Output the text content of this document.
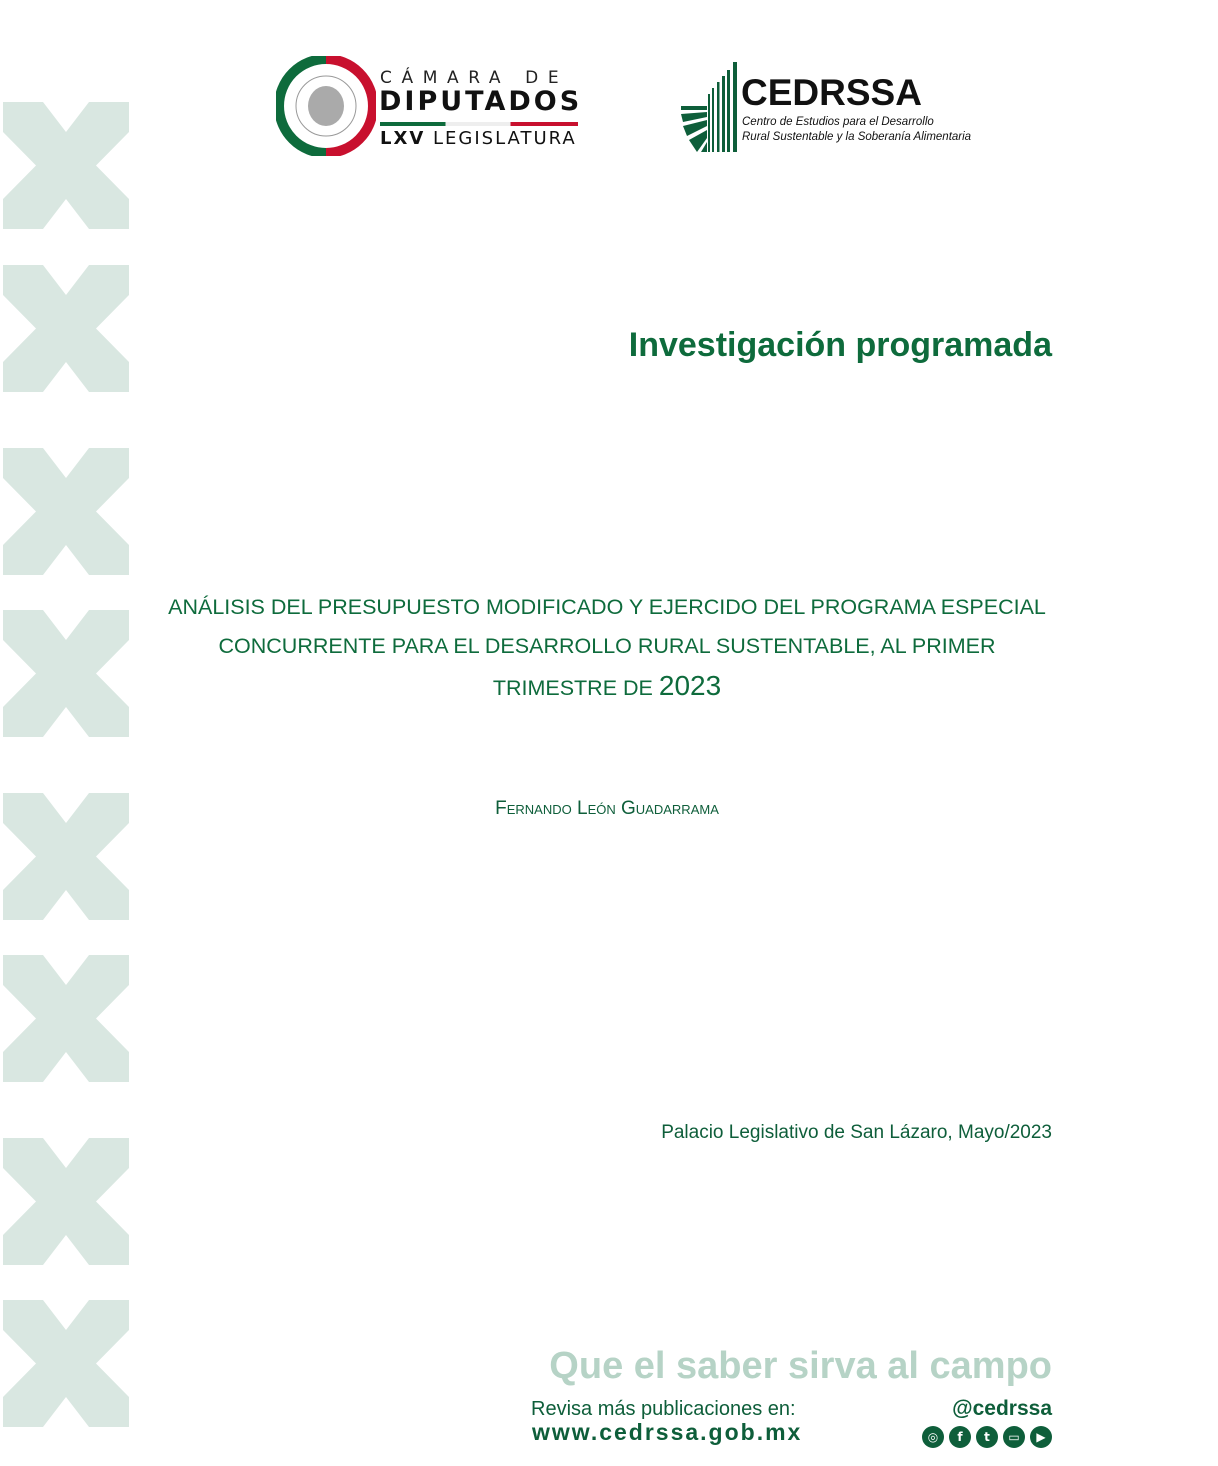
CÁMARA DE
DIPUTADOS
LXV LEGISLATURA
CEDRSSA
Centro de Estudios para el Desarrollo
Rural Sustentable y la Soberanía Alimentaria
Investigación programada
ANÁLISIS DEL PRESUPUESTO MODIFICADO Y EJERCIDO DEL PROGRAMA ESPECIAL
CONCURRENTE PARA EL DESARROLLO RURAL SUSTENTABLE, AL PRIMER
TRIMESTRE DE 2023
Fernando León Guadarrama
Palacio Legislativo de San Lázaro, Mayo/2023
Que el saber sirva al campo
Revisa más publicaciones en:
www.cedrssa.gob.mx
@cedrssa
◎	f	t	▭	▶
